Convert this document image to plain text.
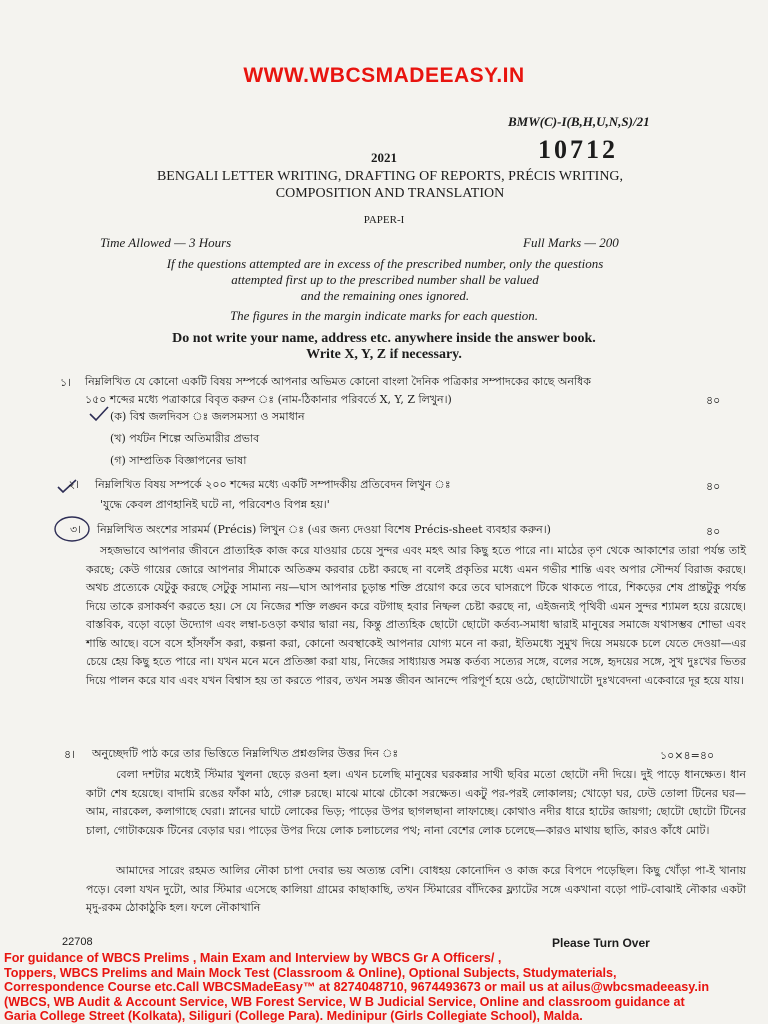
WWW.WBCSMADEEASY.IN
BMW(C)-I(B,H,U,N,S)/21
10712
2021
BENGALI LETTER WRITING, DRAFTING OF REPORTS, PRÉCIS WRITING,
COMPOSITION AND TRANSLATION
PAPER-I
Time Allowed — 3 Hours	Full Marks — 200
If the questions attempted are in excess of the prescribed number, only the questions
attempted first up to the prescribed number shall be valued
and the remaining ones ignored.
The figures in the margin indicate marks for each question.
Do not write your name, address etc. anywhere inside the answer book.
Write X, Y, Z if necessary.
১। নিম্নলিখিত যে কোনো একটি বিষয় সম্পর্কে আপনার অভিমত কোনো বাংলা দৈনিক পত্রিকার সম্পাদকের কাছে অনধিক
১৫০ শব্দের মধ্যে পত্রাকারে বিবৃত করুন ঃ (নাম-ঠিকানার পরিবর্তে X, Y, Z লিখুন।)	৪০
(ক) বিশ্ব জলদিবস ঃ জলসমস্যা ও সমাধান
(খ) পর্যটন শিল্পে অতিমারীর প্রভাব
(গ) সাম্প্রতিক বিজ্ঞাপনের ভাষা
২। নিম্নলিখিত বিষয় সম্পর্কে ২০০ শব্দের মধ্যে একটি সম্পাদকীয় প্রতিবেদন লিখুন ঃ	৪০
'যুদ্ধে কেবল প্রাণহানিই ঘটে না, পরিবেশও বিপন্ন হয়।'
৩। নিম্নলিখিত অংশের সারমর্ম (Précis) লিখুন ঃ (এর জন্য দেওয়া বিশেষ Précis-sheet ব্যবহার করুন।)	৪০
সহজভাবে আপনার জীবনে প্রাত্যহিক কাজ করে যাওয়ার চেয়ে সুন্দর এবং মহৎ আর কিছু হতে পারে না। মাঠের তৃণ থেকে আকাশের তারা পর্যন্ত তাই করছে; কেউ গায়ের জোরে আপনার সীমাকে অতিক্রম করবার চেষ্টা করছে না বলেই প্রকৃতির মধ্যে এমন গভীর শান্তি এবং অপার সৌন্দর্য বিরাজ করছে। অথচ প্রত্যেকে যেটুকু করছে সেটুকু সামান্য নয়—ঘাস আপনার চূড়ান্ত শক্তি প্রয়োগ করে তবে ঘাসরূপে টিকে থাকতে পারে, শিকড়ের শেষ প্রান্তটুকু পর্যন্ত দিয়ে তাকে রসাকর্ষণ করতে হয়। সে যে নিজের শক্তি লঙ্ঘন করে বটগাছ হবার নিষ্ফল চেষ্টা করছে না, এইজন্যই পৃথিবী এমন সুন্দর শ্যামল হয়ে রয়েছে। বাস্তবিক, বড়ো বড়ো উদ্যোগ এবং লম্বা-চওড়া কথার দ্বারা নয়, কিন্তু প্রাত্যহিক ছোটো ছোটো কর্তব্য-সমাধা দ্বারাই মানুষের সমাজে যথাসম্ভব শোভা এবং শান্তি আছে। বসে বসে হাঁসফাঁস করা, কল্পনা করা, কোনো অবস্থাকেই আপনার যোগ্য মনে না করা, ইতিমধ্যে সুমুখ দিয়ে সময়কে চলে যেতে দেওয়া—এর চেয়ে হেয় কিছু হতে পারে না। যখন মনে মনে প্রতিজ্ঞা করা যায়, নিজের সাধ্যায়ত্ত সমস্ত কর্তব্য সত্যের সঙ্গে, বলের সঙ্গে, হৃদয়ের সঙ্গে, সুখ দুঃখের ভিতর দিয়ে পালন করে যাব এবং যখন বিশ্বাস হয় তা করতে পারব, তখন সমস্ত জীবন আনন্দে পরিপূর্ণ হয়ে ওঠে, ছোটোখাটো দুঃখবেদনা একেবারে দূর হয়ে যায়।
৪। অনুচ্ছেদটি পাঠ করে তার ভিত্তিতে নিম্নলিখিত প্রশ্নগুলির উত্তর দিন ঃ	১০×৪=৪০
বেলা দশটার মধ্যেই স্টিমার খুলনা ছেড়ে রওনা হল। এখন চলেছি মানুষের ঘরকন্নার সাথী ছবির মতো ছোটো নদী দিয়ে। দুই পাড়ে ধানক্ষেত। ধান কাটা শেষ হয়েছে। বাদামি রঙের ফাঁকা মাঠ, গোরু চরছে। মাঝে মাঝে চৌকো সরক্ষেত। একটু পর-পরই লোকালয়; খোড়ো ঘর, ঢেউ তোলা টিনের ঘর—আম, নারকেল, কলাগাছে ঘেরা। স্নানের ঘাটে লোকের ভিড়; পাড়ের উপর ছাগলছানা লাফাচ্ছে। কোথাও নদীর ধারে হাটের জায়গা; ছোটো ছোটো টিনের চালা, গোটাকয়েক টিনের বেড়ার ঘর। পাড়ের উপর দিয়ে লোক চলাচলের পথ; নানা বেশের লোক চলেছে—কারও মাথায় ছাতি, কারও কাঁধে মোট।
আমাদের সারেং রহমত আলির নৌকা চাপা দেবার ভয় অত্যন্ত বেশি। বোধহয় কোনোদিন ও কাজ করে বিপদে পড়েছিল। কিছু খোঁড়া পা-ই খানায় পড়ে। বেলা যখন দুটো, আর স্টিমার এসেছে কালিয়া গ্রামের কাছাকাছি, তখন স্টিমারের বাঁদিকের ফ্ল্যাটের সঙ্গে একখানা বড়ো পাট-বোঝাই নৌকার একটা মৃদু-রকম ঠোকাঠুকি হল। ফলে নৌকাখানি
22708	Please Turn Over
For guidance of WBCS Prelims , Main Exam and Interview by WBCS Gr A Officers/ ,
Toppers, WBCS Prelims and Main Mock Test (Classroom & Online), Optional Subjects, Studymaterials,
Correspondence Course etc.Call WBCSMadeEasy™ at 8274048710, 9674493673 or mail us at ailus@wbcsmadeeasy.in
(WBCS, WB Audit & Account Service, WB Forest Service, W B Judicial Service, Online and classroom guidance at
Garia College Street (Kolkata), Siliguri (College Para). Medinipur (Girls Collegiate School), Malda.
